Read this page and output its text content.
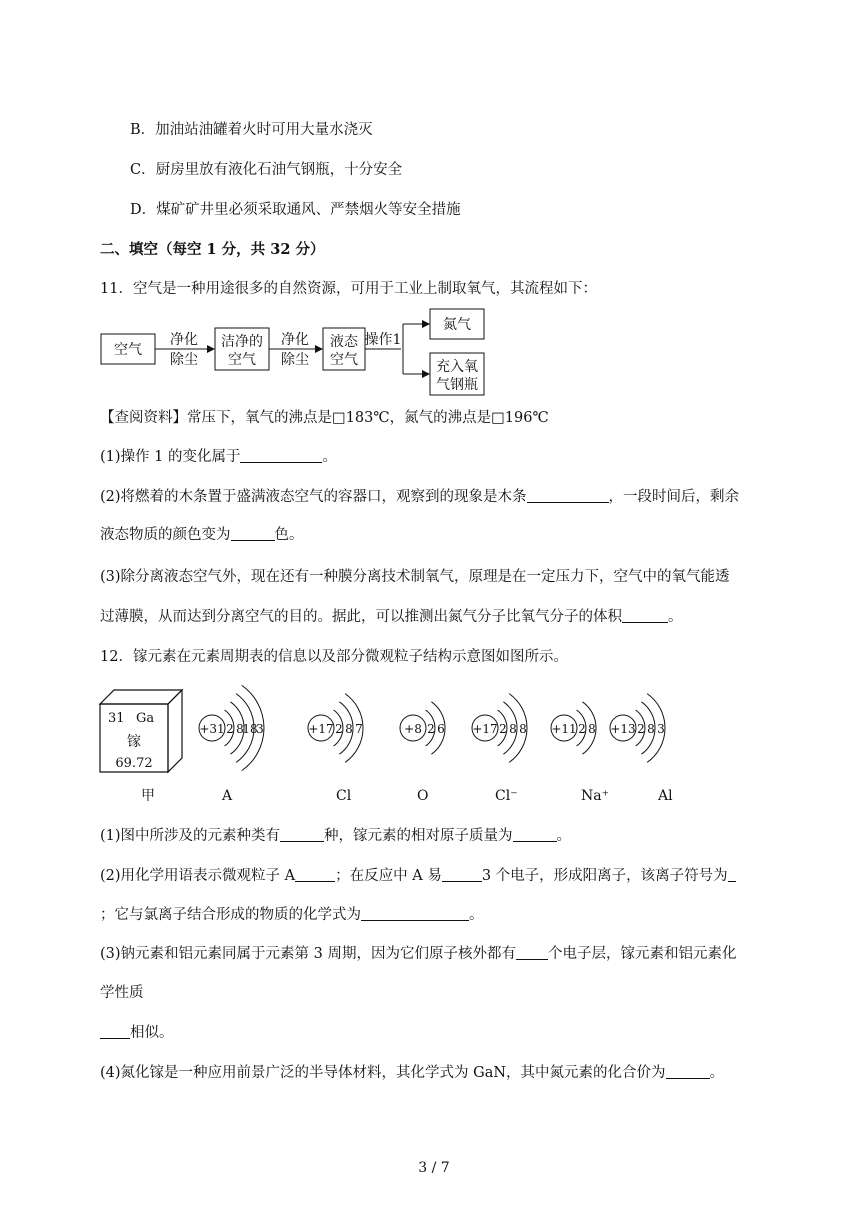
B．加油站油罐着火时可用大量水浇灭
C．厨房里放有液化石油气钢瓶，十分安全
D．煤矿矿井里必须采取通风、严禁烟火等安全措施
二、填空（每空 1 分，共 32 分）
11．空气是一种用途很多的自然资源，可用于工业上制取氧气，其流程如下：
空气
净化
除尘
洁净的
空气
净化
除尘
液态
空气
操作1
氮气
充入氧
气钢瓶
【查阅资料】常压下，氧气的沸点是□183℃，氮气的沸点是□196℃
(1)操作 1 的变化属于	。
(2)将燃着的木条置于盛满液态空气的容器口，观察到的现象是木条	，一段时间后，剩余
液态物质的颜色变为	色。
(3)除分离液态空气外，现在还有一种膜分离技术制氧气，原理是在一定压力下，空气中的氧气能透
过薄膜，从而达到分离空气的目的。据此，可以推测出氮气分子比氧气分子的体积	。
12．镓元素在元素周期表的信息以及部分微观粒子结构示意图如图所示。
31 Ga
镓
69.72
+31 2 8
18
3	+17 2 8 7	+8 2 6 +17 2 8 8 +11 2 8 +13 2 8 3
甲	A	Cl	O	Cl⁻	Na⁺	Al
(1)图中所涉及的元素种类有	种，镓元素的相对原子质量为	。
(2)用化学用语表示微观粒子 A	；在反应中 A 易	3 个电子，形成阳离子，该离子符号为
；它与氯离子结合形成的物质的化学式为	。
(3)钠元素和铝元素同属于元素第 3 周期，因为它们原子核外都有 个电子层，镓元素和铝元素化
学性质
相似。
(4)氮化镓是一种应用前景广泛的半导体材料，其化学式为 GaN，其中氮元素的化合价为	。
3 / 7
